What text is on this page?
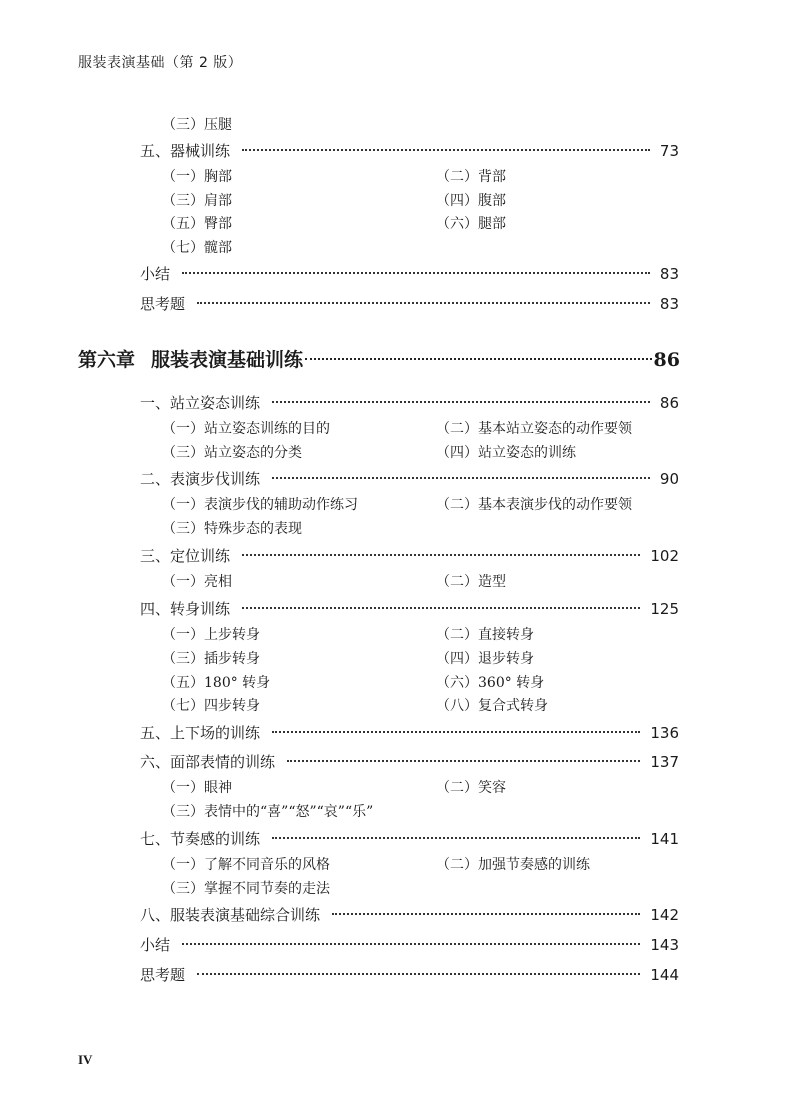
服装表演基础（第 2 版）
（三）压腿
五、器械训练	73
（一）胸部	（二）背部
（三）肩部	（四）腹部
（五）臀部	（六）腿部
（七）髋部
小结	83
思考题	83
第六章 服装表演基础训练	86
一、站立姿态训练	86
（一）站立姿态训练的目的	（二）基本站立姿态的动作要领
（三）站立姿态的分类	（四）站立姿态的训练
二、表演步伐训练	90
（一）表演步伐的辅助动作练习	（二）基本表演步伐的动作要领
（三）特殊步态的表现
三、定位训练	102
（一）亮相	（二）造型
四、转身训练	125
（一）上步转身	（二）直接转身
（三）插步转身	（四）退步转身
（五）180° 转身	（六）360° 转身
（七）四步转身	（八）复合式转身
五、上下场的训练	136
六、面部表情的训练	137
（一）眼神	（二）笑容
（三）表情中的“喜”“怒”“哀”“乐”
七、节奏感的训练	141
（一）了解不同音乐的风格	（二）加强节奏感的训练
（三）掌握不同节奏的走法
八、服装表演基础综合训练	142
小结	143
思考题	144
IV
